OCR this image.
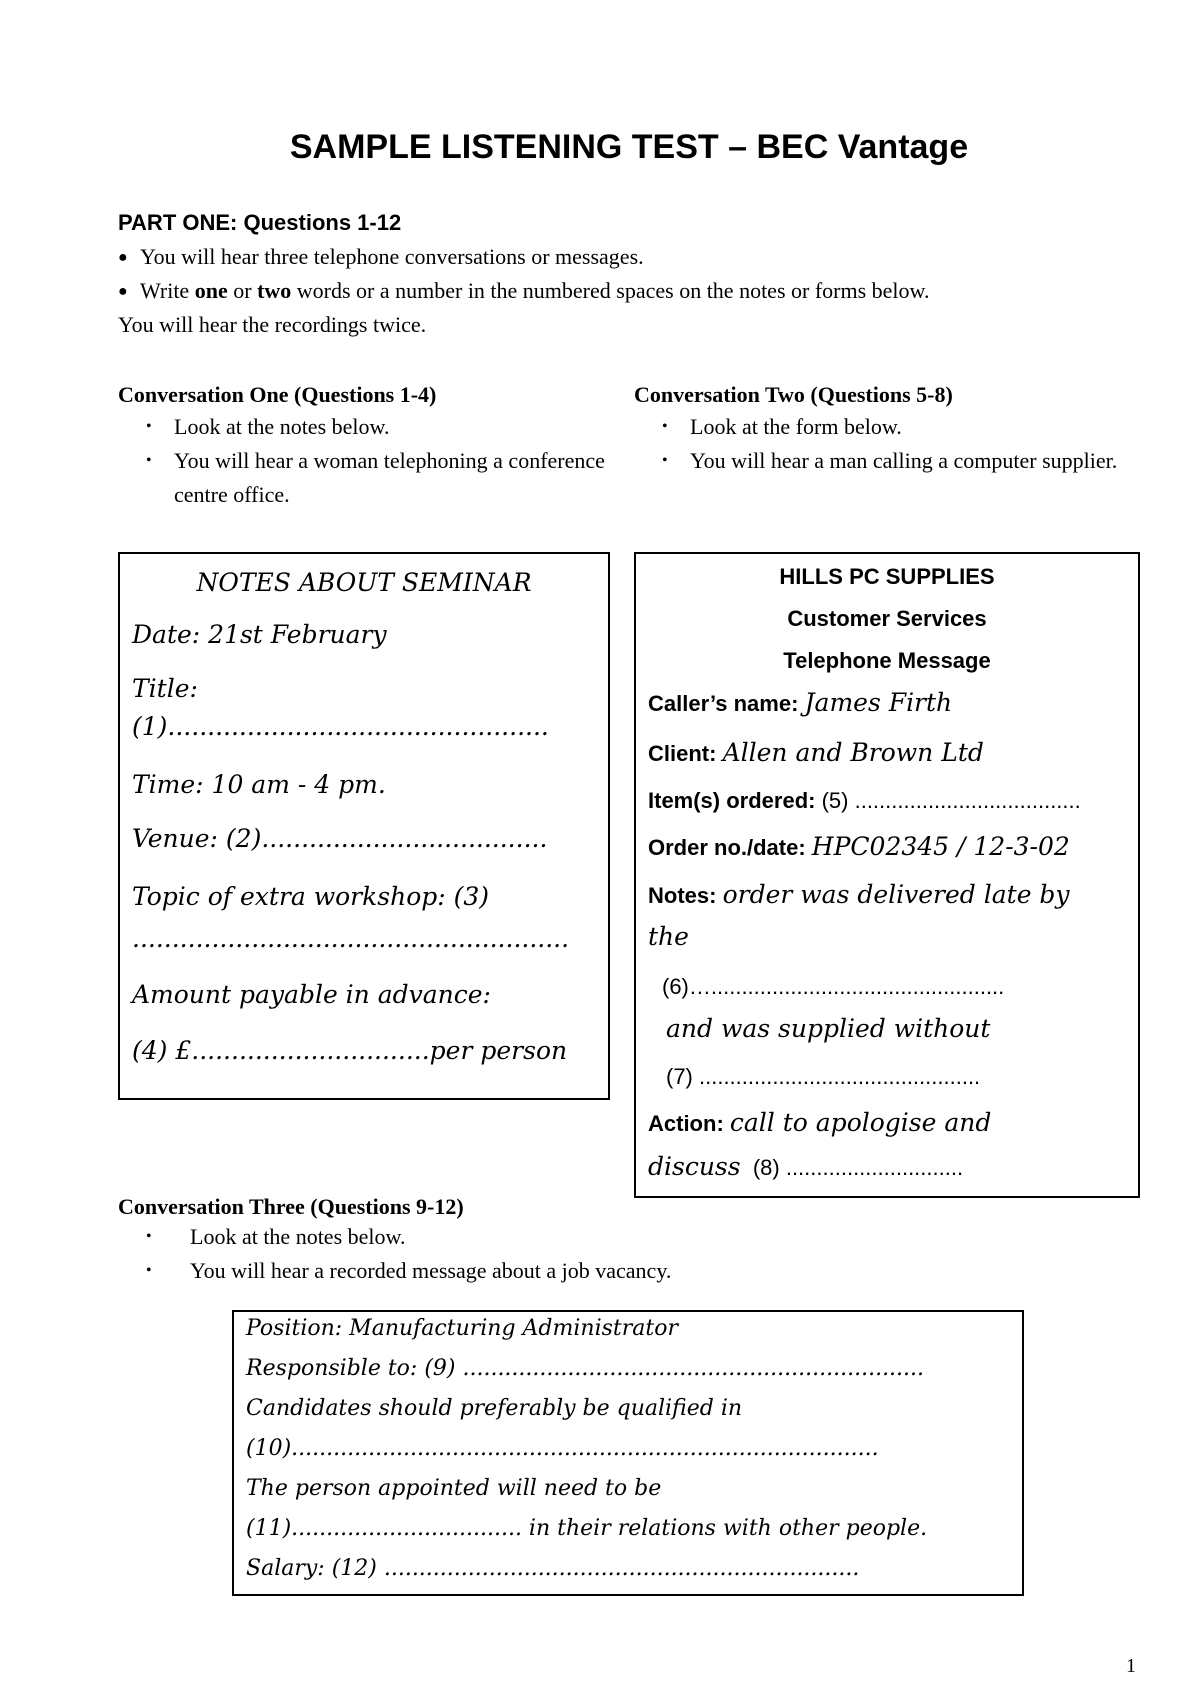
SAMPLE LISTENING TEST – BEC Vantage
PART ONE: Questions 1-12
● You will hear three telephone conversations or messages.
● Write one or two words or a number in the numbered spaces on the notes or forms below.
You will hear the recordings twice.
Conversation One (Questions 1-4)
• Look at the notes below.
• You will hear a woman telephoning a conference centre office.
Conversation Two (Questions 5-8)
• Look at the form below.
• You will hear a man calling a computer supplier.
NOTES ABOUT SEMINAR
Date: 21st February
Title:
(1)................................................
Time: 10 am - 4 pm.
Venue: (2)....................................
Topic of extra workshop: (3)
.......................................................
Amount payable in advance:
(4) £..............................per person
HILLS PC SUPPLIES
Customer Services
Telephone Message
Caller’s name: James Firth
Client: Allen and Brown Ltd
Item(s) ordered: (5) .....................................
Order no./date: HPC02345 / 12-3-02
Notes: order was delivered late by
the
(6)…................................................
and was supplied without
(7) ..............................................
Action: call to apologise and
discuss (8) .............................
Conversation Three (Questions 9-12)
• Look at the notes below.
• You will hear a recorded message about a job vacancy.
Position: Manufacturing Administrator
Responsible to: (9) ..................................................................
Candidates should preferably be qualified in
(10)....................................................................................
The person appointed will need to be
(11)................................. in their relations with other people.
Salary: (12) ....................................................................
1
